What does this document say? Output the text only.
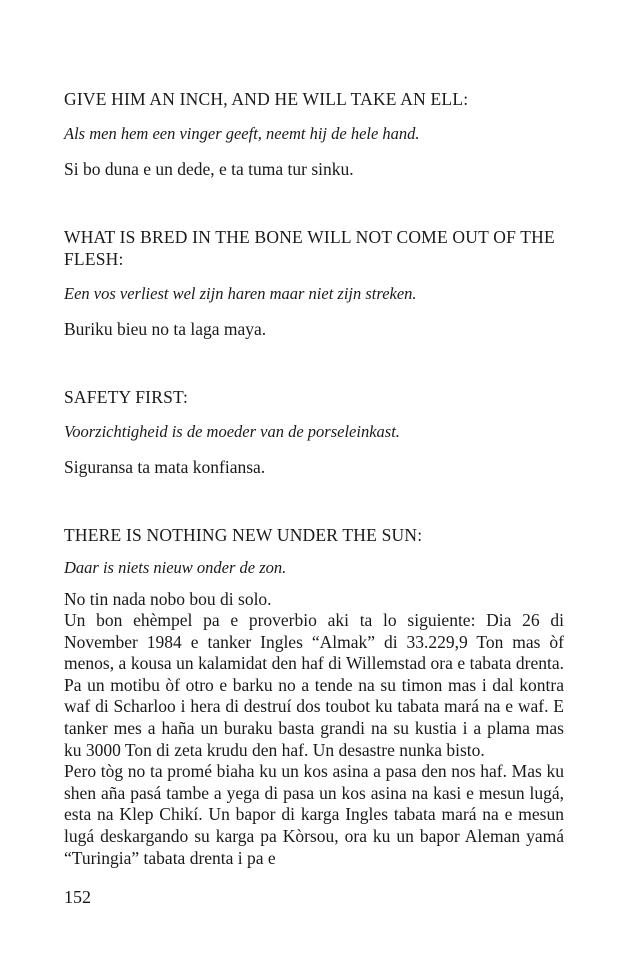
GIVE HIM AN INCH, AND HE WILL TAKE AN ELL:

Als men hem een vinger geeft, neemt hij de hele hand.

Si bo duna e un dede, e ta tuma tur sinku.

WHAT IS BRED IN THE BONE WILL NOT COME OUT OF THE FLESH:

Een vos verliest wel zijn haren maar niet zijn streken.

Buriku bieu no ta laga maya.

SAFETY FIRST:

Voorzichtigheid is de moeder van de porseleinkast.

Siguransa ta mata konfiansa.

THERE IS NOTHING NEW UNDER THE SUN:

Daar is niets nieuw onder de zon.

No tin nada nobo bou di solo.

Un bon ehèmpel pa e proverbio aki ta lo siguiente: Dia 26 di November 1984 e tanker Ingles “Almak” di 33.229,9 Ton mas òf menos, a kousa un kalamidat den haf di Willemstad ora e tabata drenta. Pa un motibu òf otro e barku no a tende na su timon mas i dal kontra waf di Scharloo i hera di destruí dos toubot ku tabata mará na e waf. E tanker mes a haña un buraku basta grandi na su kustia i a plama mas ku 3000 Ton di zeta krudu den haf. Un desastre nunka bisto.

Pero tòg no ta promé biaha ku un kos asina a pasa den nos haf. Mas ku shen aña pasá tambe a yega di pasa un kos asina na kasi e mesun lugá, esta na Klep Chikí. Un bapor di karga Ingles tabata mará na e mesun lugá deskargando su karga pa Kòrsou, ora ku un bapor Aleman yamá “Turingia” tabata drenta i pa e

152
